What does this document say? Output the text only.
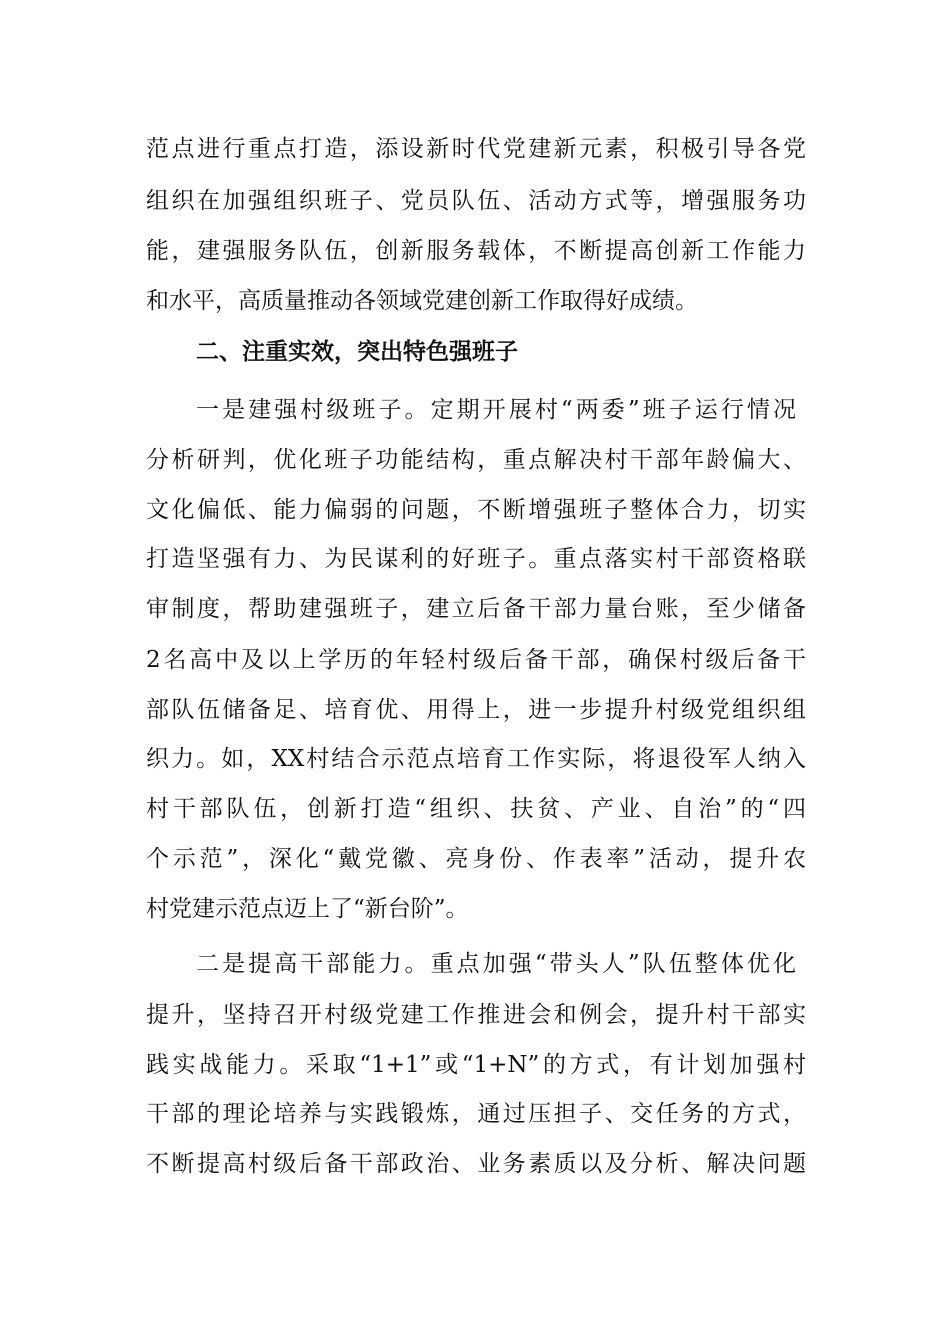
范点进行重点打造，添设新时代党建新元素，积极引导各党
组织在加强组织班子、党员队伍、活动方式等，增强服务功
能，建强服务队伍，创新服务载体，不断提高创新工作能力
和水平，高质量推动各领域党建创新工作取得好成绩。
二、注重实效，突出特色强班子
一是建强村级班子。定期开展村“两委”班子运行情况
分析研判，优化班子功能结构，重点解决村干部年龄偏大、
文化偏低、能力偏弱的问题，不断增强班子整体合力，切实
打造坚强有力、为民谋利的好班子。重点落实村干部资格联
审制度，帮助建强班子，建立后备干部力量台账，至少储备
2名高中及以上学历的年轻村级后备干部，确保村级后备干
部队伍储备足、培育优、用得上，进一步提升村级党组织组
织力。如，XX村结合示范点培育工作实际，将退役军人纳入
村干部队伍，创新打造“组织、扶贫、产业、自治”的“四
个示范”，深化“戴党徽、亮身份、作表率”活动，提升农
村党建示范点迈上了“新台阶”。
二是提高干部能力。重点加强“带头人”队伍整体优化
提升，坚持召开村级党建工作推进会和例会，提升村干部实
践实战能力。采取“1+1”或“1+N”的方式，有计划加强村
干部的理论培养与实践锻炼，通过压担子、交任务的方式，
不断提高村级后备干部政治、业务素质以及分析、解决问题
